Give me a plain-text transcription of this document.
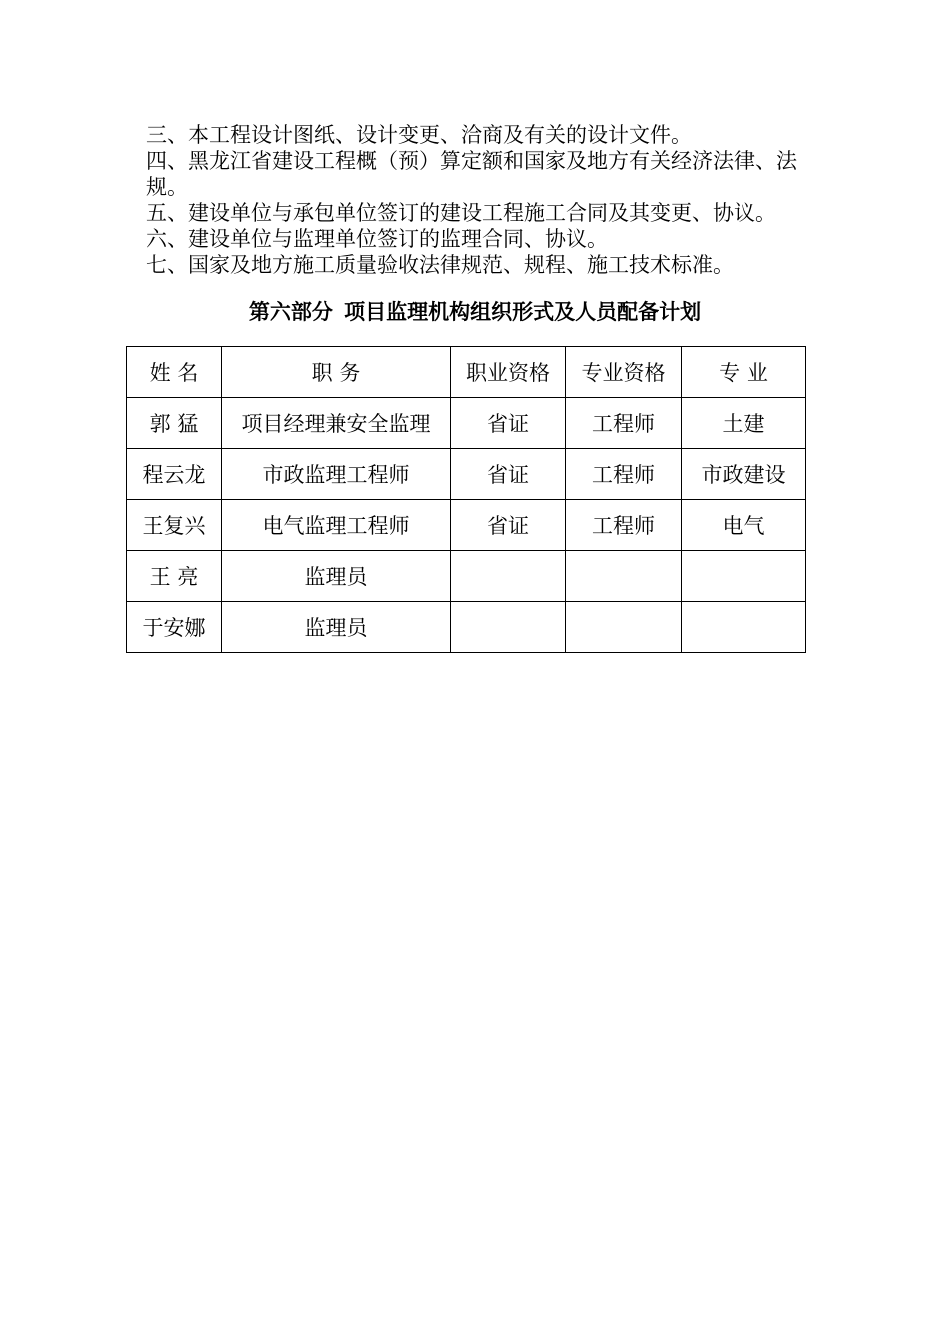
三、本工程设计图纸、设计变更、洽商及有关的设计文件。
四、黑龙江省建设工程概（预）算定额和国家及地方有关经济法律、法规。
五、建设单位与承包单位签订的建设工程施工合同及其变更、协议。
六、建设单位与监理单位签订的监理合同、协议。
七、国家及地方施工质量验收法律规范、规程、施工技术标准。
第六部分 项目监理机构组织形式及人员配备计划
姓 名	职 务	职业资格	专业资格	专 业
郭 猛	项目经理兼安全监理	省证	工程师	土建
程云龙	市政监理工程师	省证	工程师	市政建设
王复兴	电气监理工程师	省证	工程师	电气
王 亮	监理员			
于安娜	监理员			
